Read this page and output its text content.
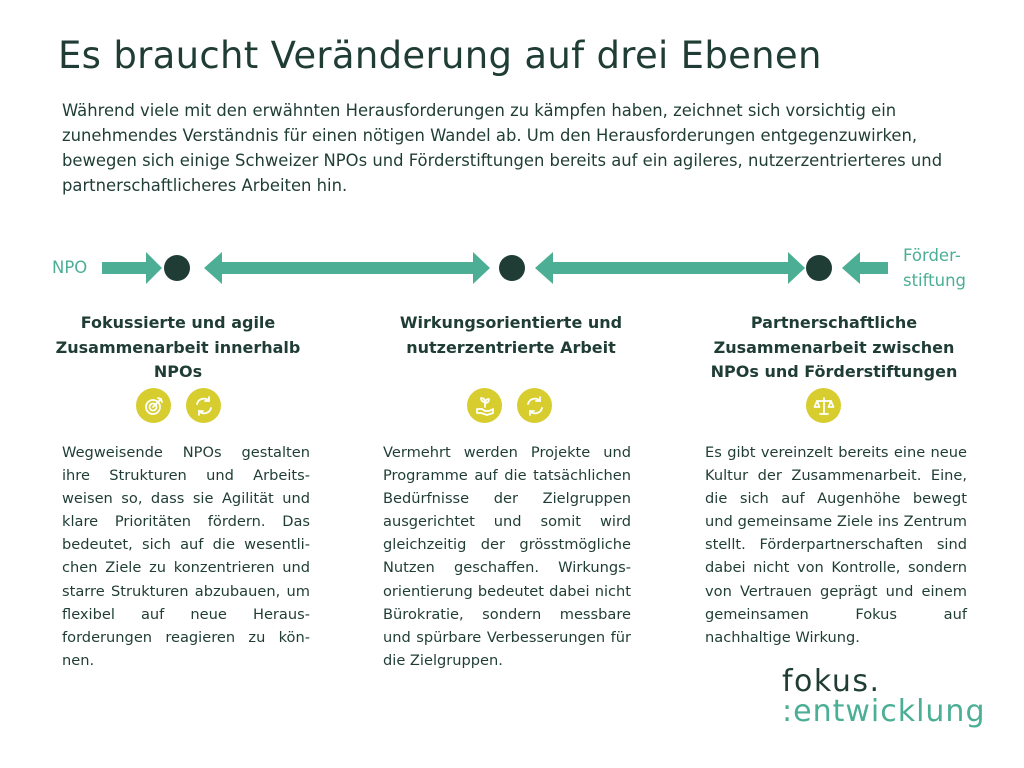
Es braucht Veränderung auf drei Ebenen

Während viele mit den erwähnten Herausforderungen zu kämpfen haben, zeichnet sich vorsichtig ein zunehmendes Verständnis für einen nötigen Wandel ab. Um den Herausforderungen entgegenzuwirken, bewegen sich einige Schweizer NPOs und Förderstiftungen bereits auf ein agileres, nutzerzentrierteres und partnerschaftlicheres Arbeiten hin.

NPO
Förder-
stiftung
Fokussierte und agile Zusammenarbeit innerhalb NPOs

Wegweisende NPOs gestalten ihre Strukturen und Arbeitsweisen so, dass sie Agilität und klare Prioritäten fördern. Das bedeutet, sich auf die wesentlichen Ziele zu konzentrieren und starre Strukturen abzubauen, um flexibel auf neue Herausforderungen reagieren zu können.

Wirkungsorientierte und nutzerzentrierte Arbeit

Vermehrt werden Projekte und Programme auf die tatsächlichen Bedürfnisse der Zielgruppen ausgerichtet und somit wird gleichzeitig der grösstmögliche Nutzen geschaffen. Wirkungsorientierung bedeutet dabei nicht Bürokratie, sondern messbare und spürbare Verbesserungen für die Zielgruppen.

Partnerschaftliche Zusammenarbeit zwischen NPOs und Förderstiftungen

Es gibt vereinzelt bereits eine neue Kultur der Zusammenarbeit. Eine, die sich auf Augenhöhe bewegt und gemeinsame Ziele ins Zentrum stellt. Förderpartnerschaften sind dabei nicht von Kontrolle, sondern von Vertrauen geprägt und einem gemeinsamen Fokus auf nachhaltige Wirkung.

fokus.
:entwicklung
